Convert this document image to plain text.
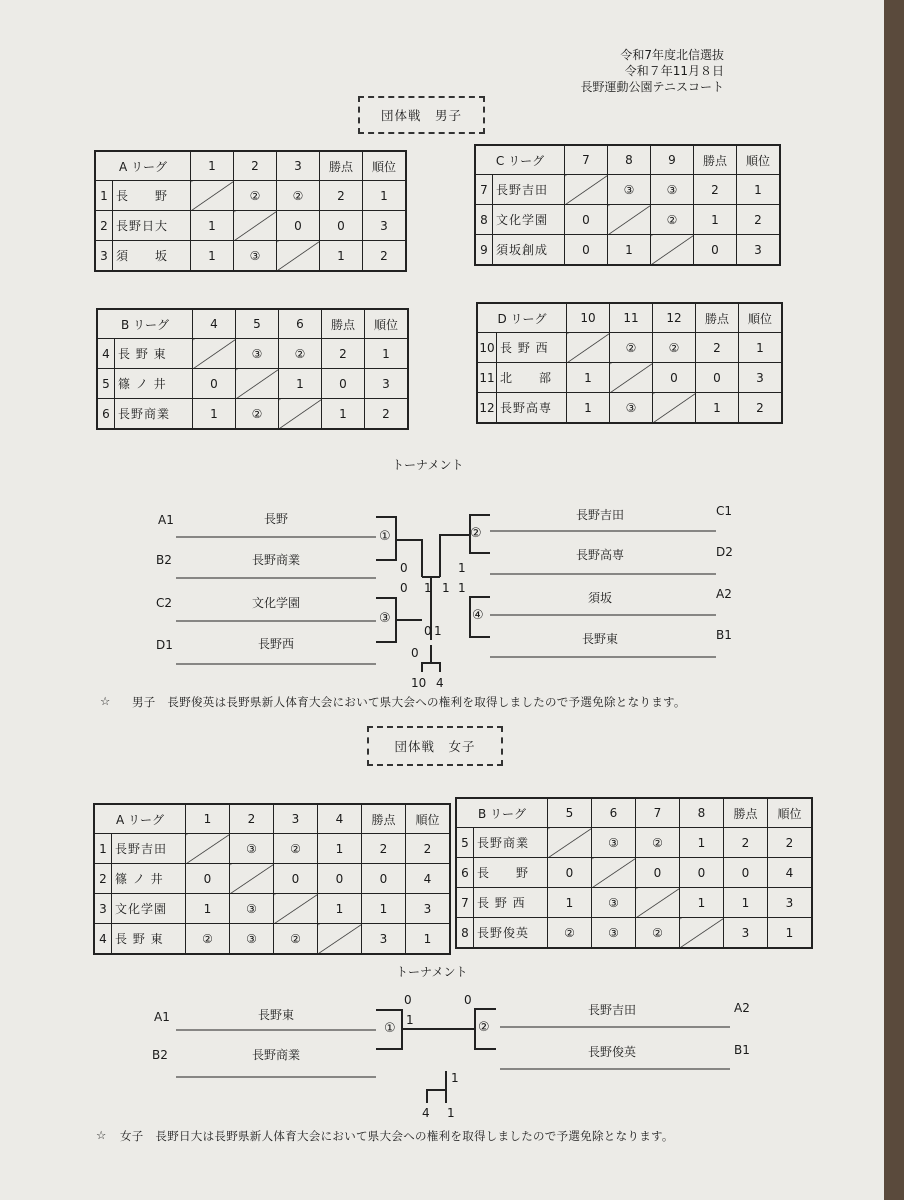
令和7年度北信選抜
令和７年11月８日
長野運動公園テニスコート
団体戦　男子
A リーグ		1	2	3	勝点	順位
1	長　　野		②	②	2	1
2	長野日大	1		0	0	3
3	須　　坂	1	③		1	2
C リーグ		7	8	9	勝点	順位
7	長野吉田		③	③	2	1
8	文化学園	0		②	1	2
9	須坂創成	0	1		0	3
B リーグ		4	5	6	勝点	順位
4	長 野 東		③	②	2	1
5	篠 ノ 井	0		1	0	3
6	長野商業	1	②		1	2
D リーグ		10	11	12	勝点	順位
10	長 野 西		②	②	2	1
11	北　　部	1		0	0	3
12	長野高専	1	③		1	2
トーナメント
A1	長野
B2	長野商業
C2	文化学園
D1	長野西
長野吉田	C1
長野高専	D2
須坂	A2
長野東	B1
①	②
③	④
0
0 1
1
1
1
0 1
0
10 4
☆ 男子　長野俊英は長野県新人体育大会において県大会への権利を取得しましたので予選免除となります。
団体戦　女子
A リーグ		1	2	3	4	勝点	順位
1	長野吉田		③	②	1	2	2
2	篠 ノ 井	0		0	0	0	4
3	文化学園	1	③		1	1	3
4	長 野 東	②	③	②		3	1
B リーグ		5	6	7	8	勝点	順位
5	長野商業		③	②	1	2	2
6	長　　野	0		0	0	0	4
7	長 野 西	1	③		1	1	3
8	長野俊英	②	③	②		3	1
トーナメント
A1	長野東
B2	長野商業
長野吉田	A2
長野俊英	B1
①	②
0
1
0
1
4 1
☆ 女子　長野日大は長野県新人体育大会において県大会への権利を取得しましたので予選免除となります。
